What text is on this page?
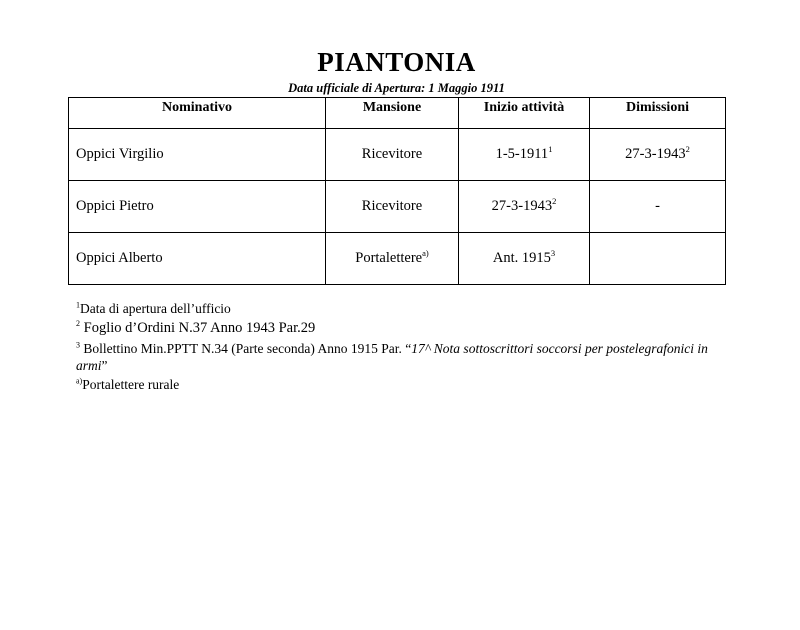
PIANTONIA
Data ufficiale di Apertura: 1 Maggio 1911
Nominativo	Mansione	Inizio attività	Dimissioni
Oppici Virgilio	Ricevitore	1-5-1911$^1$	27-3-1943$^2$
Oppici Pietro	Ricevitore	27-3-1943$^2$	-
Oppici Alberto	Portalettere$^{a)}$	Ant. 1915$^3$	

$^1$Data di apertura dell’ufficio

$^2$ Foglio d’Ordini N.37 Anno 1943 Par.29

$^3$ Bollettino Min.PPTT N.34 (Parte seconda) Anno 1915 Par. “17^ Nota sottoscrittori soccorsi per postelegrafonici in armi”

$^{a)}$Portalettere rurale
